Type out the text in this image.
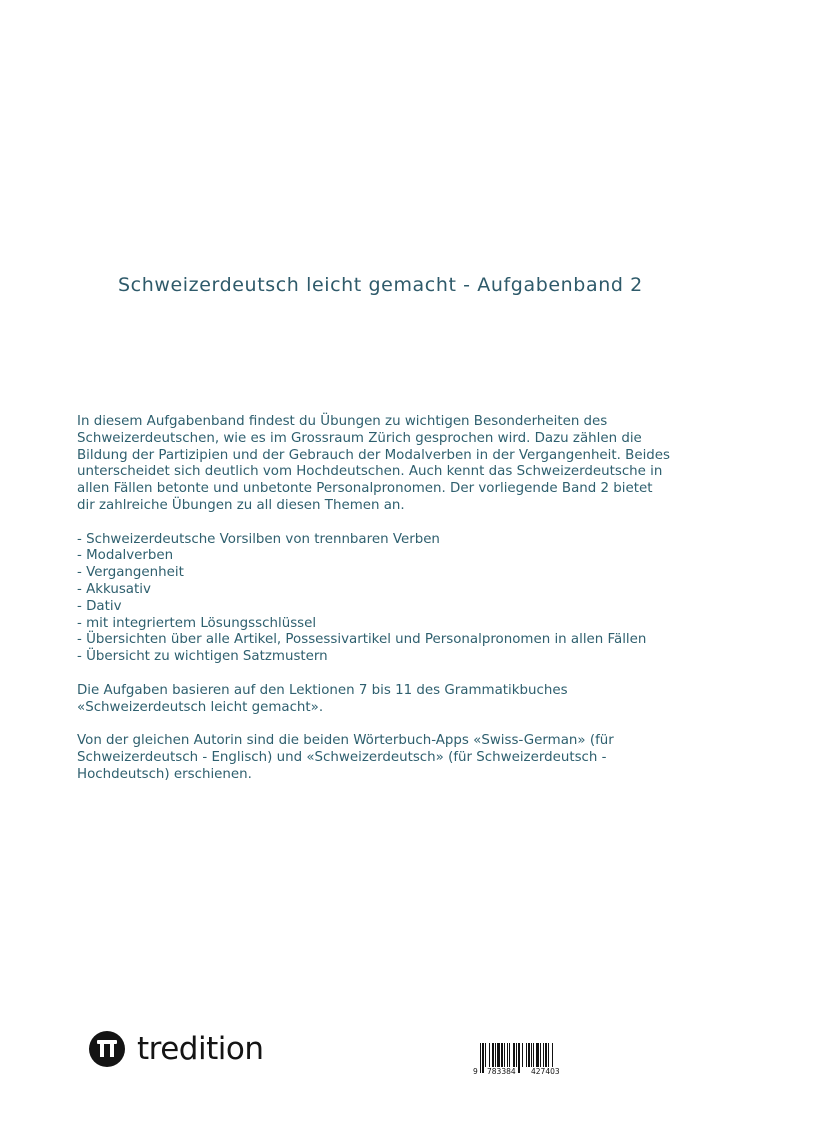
Schweizerdeutsch leicht gemacht - Aufgabenband 2

In diesem Aufgabenband findest du Übungen zu wichtigen Besonderheiten des
Schweizerdeutschen, wie es im Grossraum Zürich gesprochen wird. Dazu zählen die
Bildung der Partizipien und der Gebrauch der Modalverben in der Vergangenheit. Beides
unterscheidet sich deutlich vom Hochdeutschen. Auch kennt das Schweizerdeutsche in
allen Fällen betonte und unbetonte Personalpronomen. Der vorliegende Band 2 bietet
dir zahlreiche Übungen zu all diesen Themen an.

- Schweizerdeutsche Vorsilben von trennbaren Verben
- Modalverben
- Vergangenheit
- Akkusativ
- Dativ
- mit integriertem Lösungsschlüssel
- Übersichten über alle Artikel, Possessivartikel und Personalpronomen in allen Fällen
- Übersicht zu wichtigen Satzmustern

Die Aufgaben basieren auf den Lektionen 7 bis 11 des Grammatikbuches
«Schweizerdeutsch leicht gemacht».

Von der gleichen Autorin sind die beiden Wörterbuch-Apps «Swiss-German» (für
Schweizerdeutsch - Englisch) und «Schweizerdeutsch» (für Schweizerdeutsch -
Hochdeutsch) erschienen.

tredition
9 783384 427403
